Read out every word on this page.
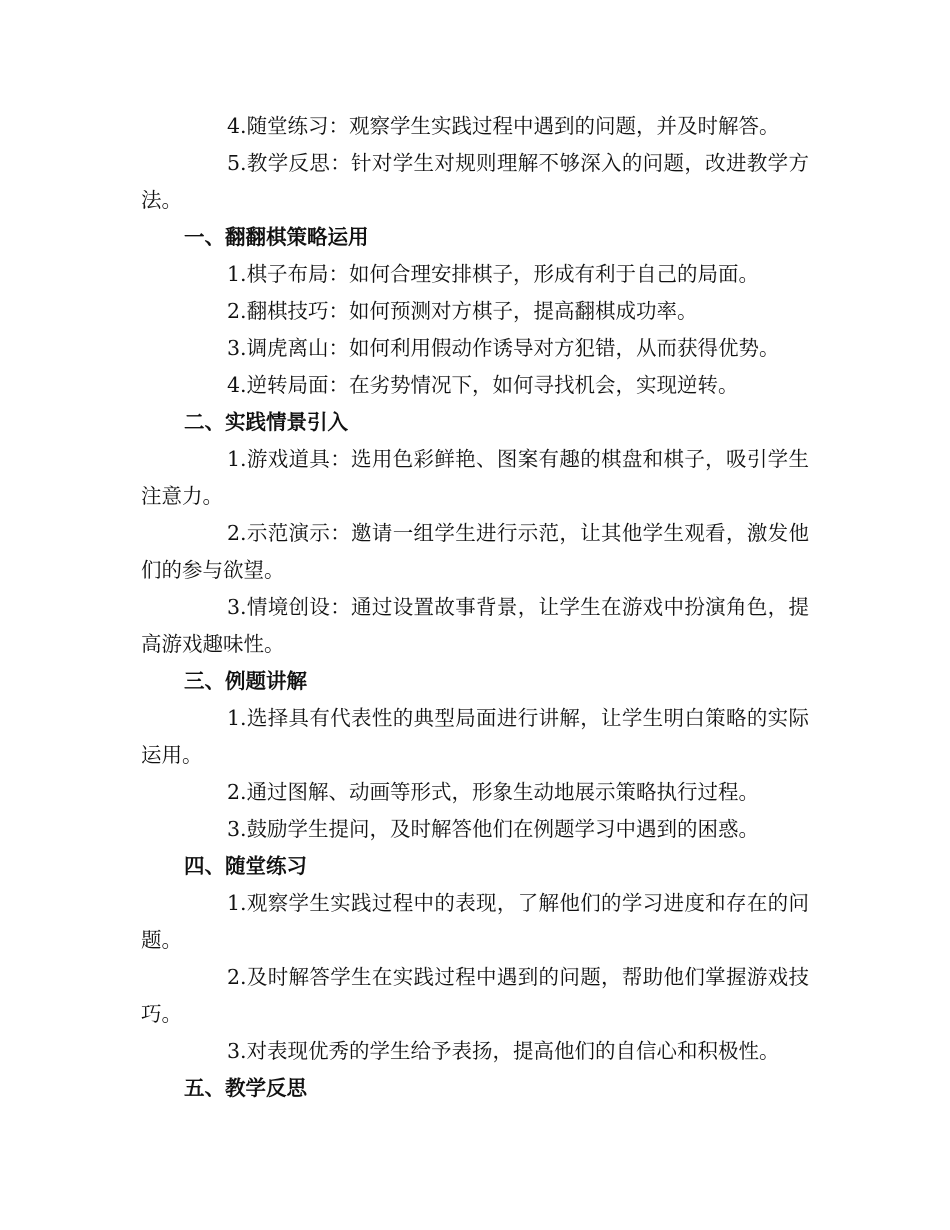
4.随堂练习：观察学生实践过程中遇到的问题，并及时解答。

5.教学反思：针对学生对规则理解不够深入的问题，改进教学方法。

一、翻翻棋策略运用

1.棋子布局：如何合理安排棋子，形成有利于自己的局面。

2.翻棋技巧：如何预测对方棋子，提高翻棋成功率。

3.调虎离山：如何利用假动作诱导对方犯错，从而获得优势。

4.逆转局面：在劣势情况下，如何寻找机会，实现逆转。

二、实践情景引入

1.游戏道具：选用色彩鲜艳、图案有趣的棋盘和棋子，吸引学生注意力。

2.示范演示：邀请一组学生进行示范，让其他学生观看，激发他们的参与欲望。

3.情境创设：通过设置故事背景，让学生在游戏中扮演角色，提高游戏趣味性。

三、例题讲解

1.选择具有代表性的典型局面进行讲解，让学生明白策略的实际运用。

2.通过图解、动画等形式，形象生动地展示策略执行过程。

3.鼓励学生提问，及时解答他们在例题学习中遇到的困惑。

四、随堂练习

1.观察学生实践过程中的表现，了解他们的学习进度和存在的问题。

2.及时解答学生在实践过程中遇到的问题，帮助他们掌握游戏技巧。

3.对表现优秀的学生给予表扬，提高他们的自信心和积极性。

五、教学反思
